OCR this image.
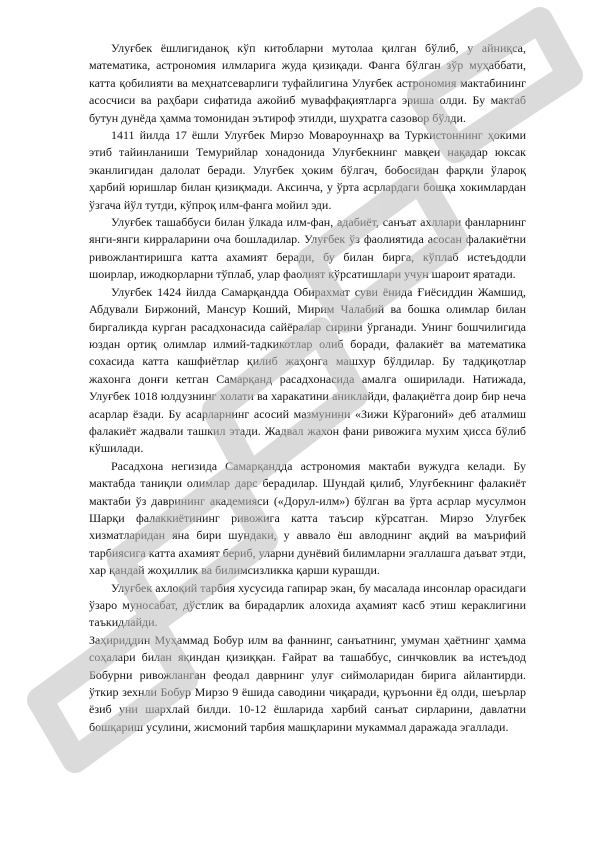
Улуғбек ёшлигиданоқ кўп китобларни мутолаа қилган бўлиб, у айниқса, математика, астрономия илмларига жуда қизиқади. Фанга бўлган зўр муҳаббати, катта қобилияти ва меҳнатсеварлиги туфайлигина Улуғбек астрономия мактабининг асосчиси ва раҳбари сифатида ажойиб муваффақиятларга эриша олди. Бу мактаб бутун дунёда ҳамма томонидан эътироф этилди, шуҳратга сазовор бўлди.

1411 йилда 17 ёшли Улуғбек Мирзо Мовароуннаҳр ва Туркистоннинг ҳокими этиб тайинланиши Темурийлар хонадонида Улуғбекнинг мавқеи нақадар юксак эканлигидан далолат беради. Улуғбек ҳоким бўлгач, бобосидан фарқли ўлароқ ҳарбий юришлар билан қизиқмади. Аксинча, у ўрта асрлардаги бошқа хокимлардан ўзгача йўл тутди, кўпроқ илм-фанга мойил эди.

Улуғбек ташаббуси билан ўлкада илм-фан, адабиёт, санъат ахллари фанларнинг янги-янги кирраларини оча бошладилар. Улуғбек ўз фаолиятида асосан фалакиётни ривожлантиришга катта ахамият беради, бу билан бирга, кўплаб истеъдодли шоирлар, ижодкорларни тўплаб, улар фаолият кўрсатишлари учун шароит яратади.

Улуғбек 1424 йилда Самарқандда Обирахмат суви ёнида Ғиёсиддин Жамшид, Абдували Биржоний, Мансур Коший, Мирим Чалабий ва бошка олимлар билан биргаликда курган расадхонасида сайёралар сирини ўрганади. Унинг бошчилигида юздан ортиқ олимлар илмий-тадкикотлар олиб боради, фалакиёт ва математика сохасида катта кашфиётлар қилиб жаҳонга машхур бўлдилар. Бу тадқиқотлар жахонга донғи кетган Самарқанд расадхонасида амалга оширилади. Натижада, Улуғбек 1018 юлдузнинг холати ва харакатини аниклайди, фалақиётга доир бир неча асарлар ёзади. Бу асарларнинг асосий мазмунини «Зижи Кўрагоний» деб аталмиш фалакиёт жадвали ташкил этади. Жадвал жахон фани ривожига мухим ҳисса бўлиб кўшилади.

Расадхона негизида Самарқандда астрономия мактаби вужудга келади. Бу мактабда таниқли олимлар дарс берадилар. Шундай қилиб, Улуғбекнинг фалакиёт мактаби ўз даврининг академияси («Дорул-илм») бўлган ва ўрта асрлар мусулмон Шарқи фалаккиётининг ривожига катта таъсир кўрсатган. Мирзо Улуғбек хизматларидан яна бири шундаки, у аввало ёш авлоднинг ақдий ва маърифий тарбиясига катта ахамият бериб, уларни дунёвий билимларни эгаллашга даъват этди, хар қандай жоҳиллик ва билимсизликка қарши курашди.

Улуғбек ахлоқий тарбия хусусида гапирар экан, бу масалада инсонлар орасидаги ўзаро муносабат, дўстлик ва бирадарлик алохида аҳамият касб этиш кераклигини таъкидлайди.

Заҳириддин Муҳаммад Бобур илм ва фаннинг, санъатнинг, умуман ҳаётнинг ҳамма соҳалари билан яқиндан қизиққан. Ғайрат ва ташаббус, синчковлик ва истеъдод Бобурни ривожланган феодал даврнинг улуғ сиймоларидан бирига айлантирди. ўткир зехнли Бобур Мирзо 9 ёшида саводини чиқаради, қуръонни ёд олди, шеърлар ёзиб уни шархлай билди. 10-12 ёшларида харбий санъат сирларини, давлатни бошқариш усулини, жисмоний тарбия машқларини мукаммал даражада эгаллади.
